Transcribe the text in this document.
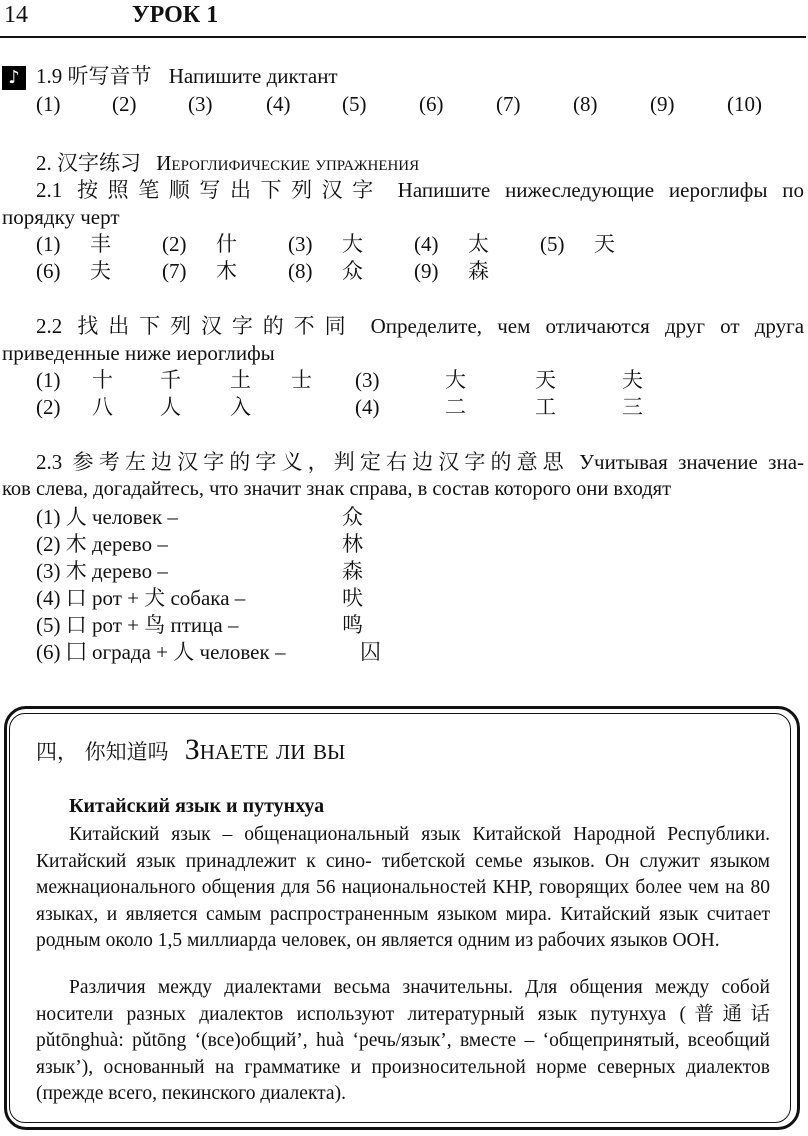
14	УРОК 1
♪ 1.9 听写音节 Напишите диктант
(1) (2) (3)	(4) (5)	(6)	(7)	(8)	(9)	(10)
2. 汉字练习 Иероглифические упражнения
2.1 按照笔顺写出下列汉字 Напишите нижеследующие иероглифы по
порядку черт
(1) 丰 (2) 什 (3) 大 (4) 太 (5) 天
(6) 夫 (7) 木 (8) 众 (9) 森
2.2 找出下列汉字的不同 Определите, чем отличаются друг от друга
приведенные ниже иероглифы
(1) 十 千 土 士 (3)	大	天	夫
(2) 八 人 入	(4)	二	工	三
2.3 参考左边汉字的字义，判定右边汉字的意思 Учитывая значение зна-
ков слева, догадайтесь, что значит знак справа, в состав которого они входят
(1) 人 человек –	众
(2) 木 дерево –	林
(3) 木 дерево –	森
(4) 口 рот + 犬 собака –	吠
(5) 口 рот + 鸟 птица –	鸣
(6) 囗 ограда + 人 человек –	囚
四， 你知道吗 Знаете ли вы
Китайский язык и путунхуа
Китайский язык – общенациональный язык Китайской Народной Республики. Китайский язык принадлежит к сино- тибетской семье языков. Он служит языком межнационального общения для 56 национальностей КНР, говорящих более чем на 80 языках, и является самым распространенным языком мира. Китайский язык считает родным около 1,5 миллиарда человек, он является одним из рабочих языков ООН.
Различия между диалектами весьма значительны. Для общения между собой носители разных диалектов используют литературный язык путунхуа (普通话 pǔtōnghuà: pǔtōng ‘(все)общий’, huà ‘речь/язык’, вместе – ‘общепринятый, всеобщий язык’), основанный на грамматике и произносительной норме северных диалектов (прежде всего, пекинского диалекта).
